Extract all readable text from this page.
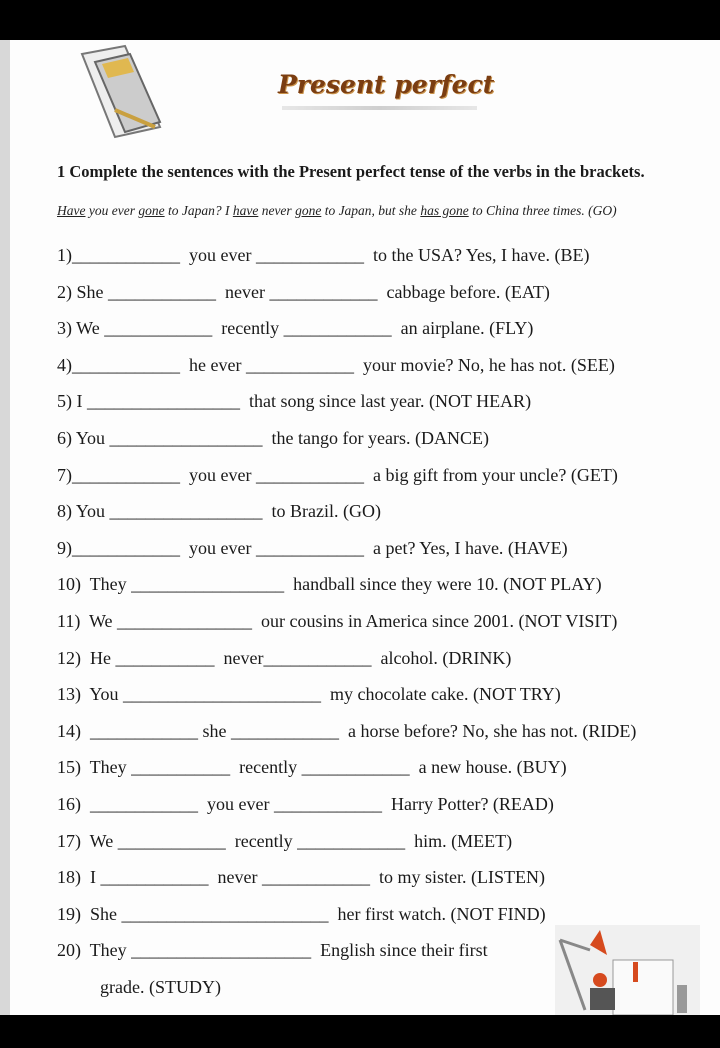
Present perfect
1 Complete the sentences with the Present perfect tense of the verbs in the brackets.
Have you ever gone to Japan? I have never gone to Japan, but she has gone to China three times. (GO)
1)____________  you ever ____________  to the USA? Yes, I have. (BE)
2) She ____________  never ____________  cabbage before. (EAT)
3) We ____________  recently ____________  an airplane. (FLY)
4)____________  he ever ____________  your movie? No, he has not. (SEE)
5) I _________________  that song since last year. (NOT HEAR)
6) You _________________  the tango for years. (DANCE)
7)____________  you ever ____________  a big gift from your uncle? (GET)
8) You _________________  to Brazil. (GO)
9)____________  you ever ____________  a pet? Yes, I have. (HAVE)
10)  They _________________  handball since they were 10. (NOT PLAY)
11)  We _______________  our cousins in America since 2001. (NOT VISIT)
12)  He ___________  never____________  alcohol. (DRINK)
13)  You ______________________  my chocolate cake. (NOT TRY)
14)  ____________ she ____________  a horse before? No, she has not. (RIDE)
15)  They ___________  recently ____________  a new house. (BUY)
16)  ____________  you ever ____________  Harry Potter? (READ)
17)  We ____________  recently ____________  him. (MEET)
18)  I ____________  never ____________  to my sister. (LISTEN)
19)  She _______________________  her first watch. (NOT FIND)
20)  They ____________________  English since their first
grade. (STUDY)
